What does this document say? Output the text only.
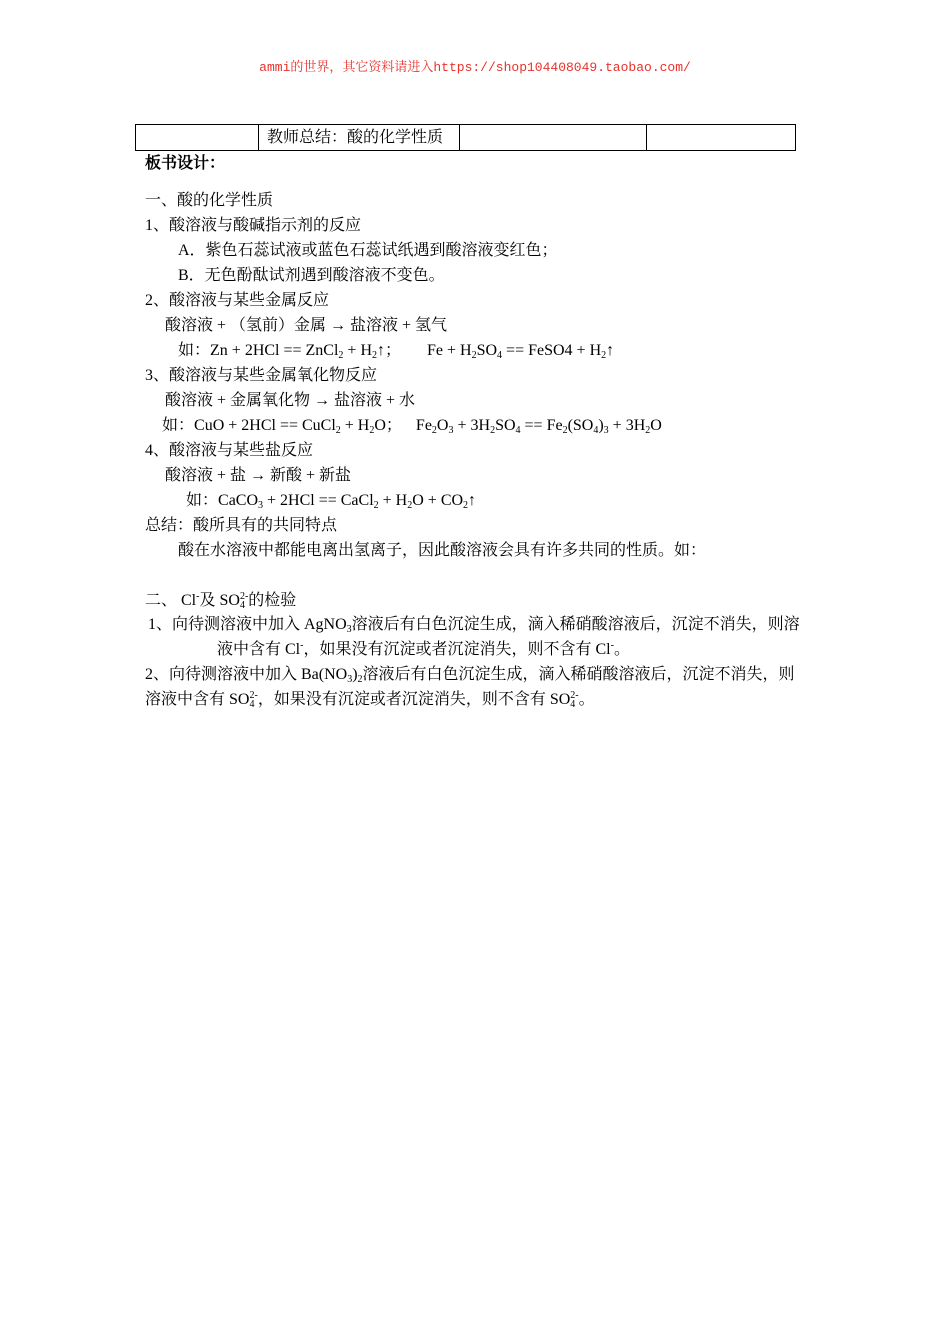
ammi的世界，其它资料请进入https://shop104408049.taobao.com/
	教师总结：酸的化学性质		
板书设计：
一、酸的化学性质
1、酸溶液与酸碱指示剂的反应
A．紫色石蕊试液或蓝色石蕊试纸遇到酸溶液变红色；
B．无色酚酞试剂遇到酸溶液不变色。
2、酸溶液与某些金属反应
酸溶液 + （氢前）金属 → 盐溶液 + 氢气
如：Zn + 2HCl == ZnCl$_2$ + $H_2↑$； $Fe + H_2SO_4$ == FeSO4 + $H_2↑$
3、酸溶液与某些金属氧化物反应
酸溶液 + 金属氧化物 → 盐溶液 + 水
如：CuO + 2HCl == CuCl$_2$ + $H_2O$； $Fe_2O_3 + 3H_2SO_4 == Fe_2(SO_4)_3 + 3H_2O$
4、酸溶液与某些盐反应
酸溶液 + 盐 → 新酸 + 新盐
如：CaCO$_3$ + 2HCl == CaCl$_2$ + $H_2O$ + $CO_2↑$
总结：酸所具有的共同特点
酸在水溶液中都能电离出氢离子，因此酸溶液会具有许多共同的性质。如：
二、 Cl-及 $SO_4^{2-}$的检验
1、向待测溶液中加入 AgNO$_3$溶液后有白色沉淀生成，滴入稀硝酸溶液后，沉淀不消失，则溶
液中含有 Cl-，如果没有沉淀或者沉淀消失，则不含有 Cl-。
2、向待测溶液中加入 $Ba(NO_3)_2$溶液后有白色沉淀生成，滴入稀硝酸溶液后，沉淀不消失，则
溶液中含有 $SO_4^{2-}$，如果没有沉淀或者沉淀消失，则不含有 $SO_4^{2-}$。
